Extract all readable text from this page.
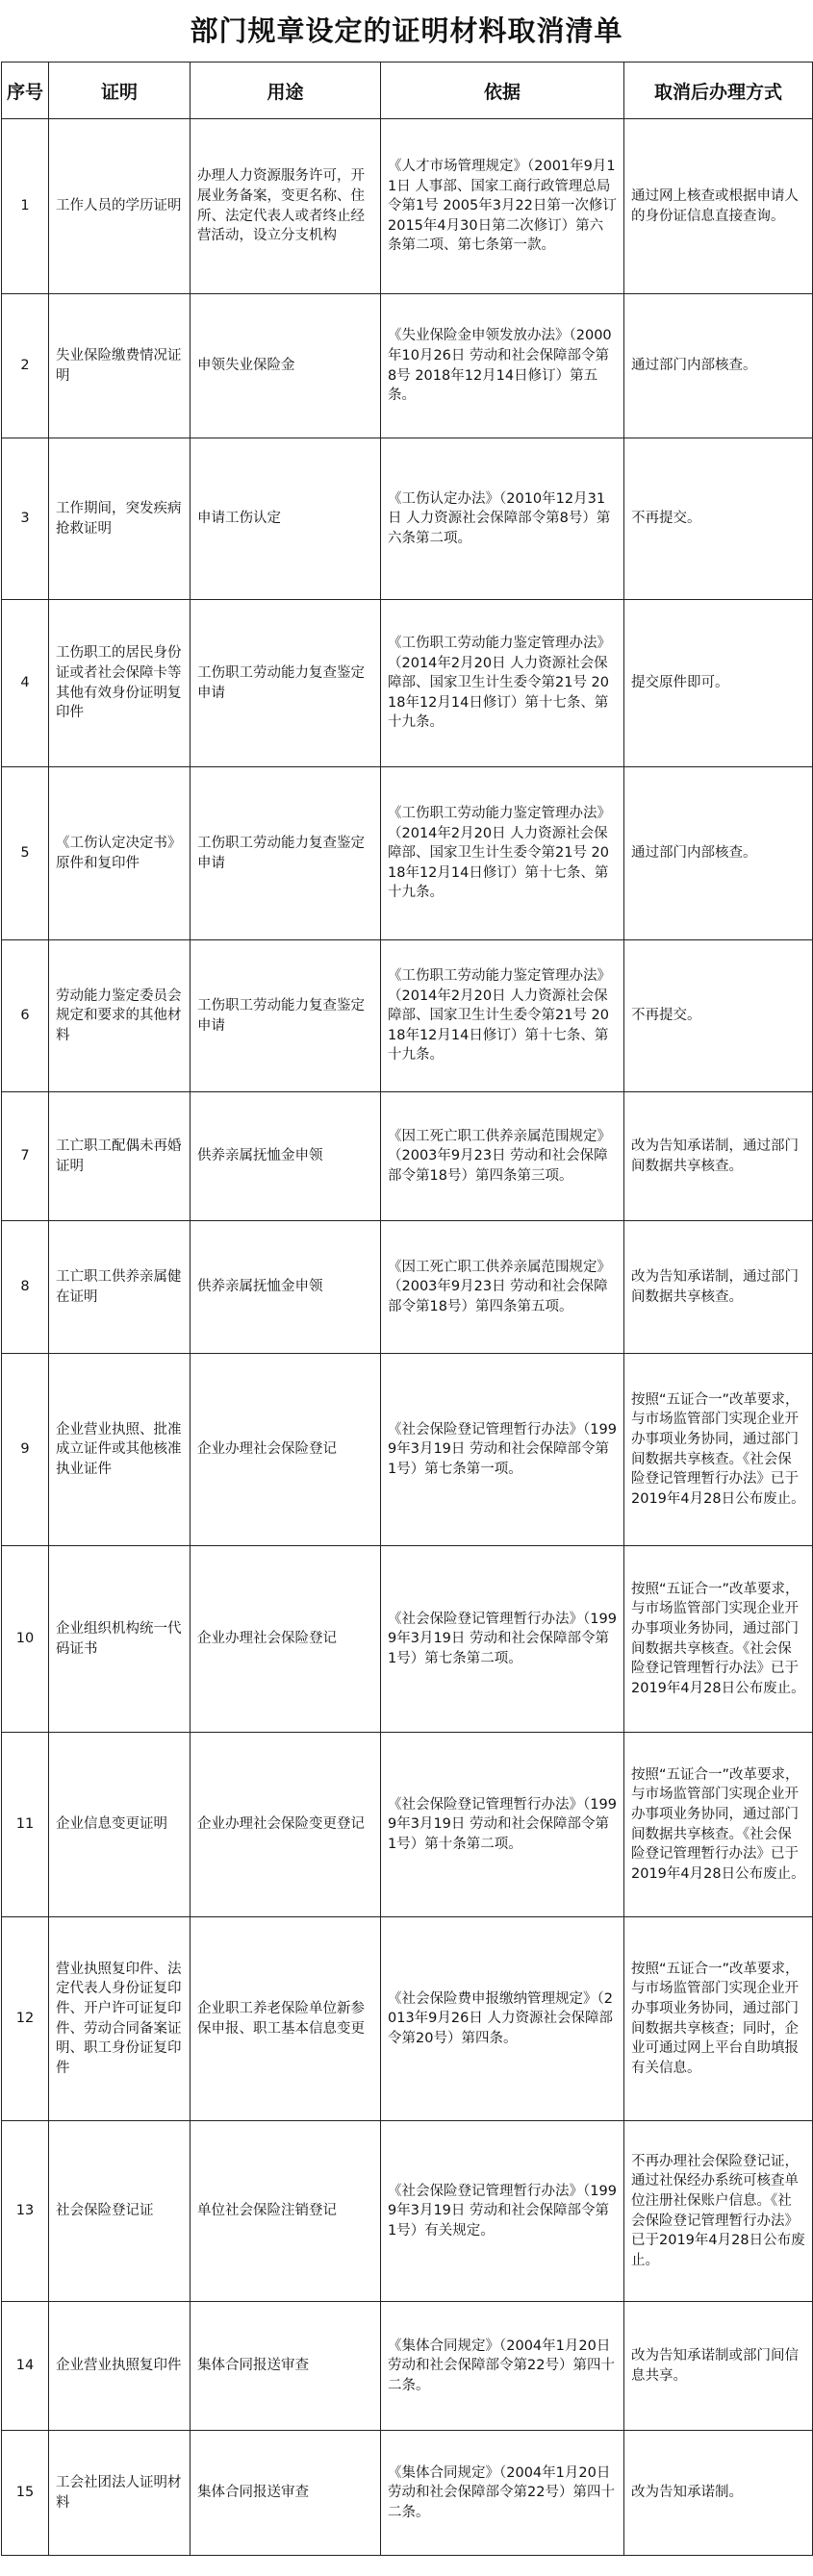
部门规章设定的证明材料取消清单
序号	证明	用途	依据	取消后办理方式
1	工作人员的学历证明	办理人力资源服务许可，开展业务备案，变更名称、住所、法定代表人或者终止经营活动，设立分支机构	《人才市场管理规定》（2001年9月11日 人事部、国家工商行政管理总局令第1号 2005年3月22日第一次修订 2015年4月30日第二次修订）第六条第二项、第七条第一款。	通过网上核查或根据申请人的身份证信息直接查询。
2	失业保险缴费情况证明	申领失业保险金	《失业保险金申领发放办法》（2000年10月26日 劳动和社会保障部令第8号 2018年12月14日修订）第五条。	通过部门内部核查。
3	工作期间，突发疾病抢救证明	申请工伤认定	《工伤认定办法》（2010年12月31日 人力资源社会保障部令第8号）第六条第二项。	不再提交。
4	工伤职工的居民身份证或者社会保障卡等其他有效身份证明复印件	工伤职工劳动能力复查鉴定申请	《工伤职工劳动能力鉴定管理办法》（2014年2月20日 人力资源社会保障部、国家卫生计生委令第21号 2018年12月14日修订）第十七条、第十九条。	提交原件即可。
5	《工伤认定决定书》原件和复印件	工伤职工劳动能力复查鉴定申请	《工伤职工劳动能力鉴定管理办法》（2014年2月20日 人力资源社会保障部、国家卫生计生委令第21号 2018年12月14日修订）第十七条、第十九条。	通过部门内部核查。
6	劳动能力鉴定委员会规定和要求的其他材料	工伤职工劳动能力复查鉴定申请	《工伤职工劳动能力鉴定管理办法》（2014年2月20日 人力资源社会保障部、国家卫生计生委令第21号 2018年12月14日修订）第十七条、第十九条。	不再提交。
7	工亡职工配偶未再婚证明	供养亲属抚恤金申领	《因工死亡职工供养亲属范围规定》（2003年9月23日 劳动和社会保障部令第18号）第四条第三项。	改为告知承诺制，通过部门间数据共享核查。
8	工亡职工供养亲属健在证明	供养亲属抚恤金申领	《因工死亡职工供养亲属范围规定》（2003年9月23日 劳动和社会保障部令第18号）第四条第五项。	改为告知承诺制，通过部门间数据共享核查。
9	企业营业执照、批准成立证件或其他核准执业证件	企业办理社会保险登记	《社会保险登记管理暂行办法》（1999年3月19日 劳动和社会保障部令第1号）第七条第一项。	按照“五证合一”改革要求，与市场监管部门实现企业开办事项业务协同，通过部门间数据共享核查。《社会保险登记管理暂行办法》已于2019年4月28日公布废止。
10	企业组织机构统一代码证书	企业办理社会保险登记	《社会保险登记管理暂行办法》（1999年3月19日 劳动和社会保障部令第1号）第七条第二项。	按照“五证合一”改革要求，与市场监管部门实现企业开办事项业务协同，通过部门间数据共享核查。《社会保险登记管理暂行办法》已于2019年4月28日公布废止。
11	企业信息变更证明	企业办理社会保险变更登记	《社会保险登记管理暂行办法》（1999年3月19日 劳动和社会保障部令第1号）第十条第二项。	按照“五证合一”改革要求，与市场监管部门实现企业开办事项业务协同，通过部门间数据共享核查。《社会保险登记管理暂行办法》已于2019年4月28日公布废止。
12	营业执照复印件、法定代表人身份证复印件、开户许可证复印件、劳动合同备案证明、职工身份证复印件	企业职工养老保险单位新参保申报、职工基本信息变更	《社会保险费申报缴纳管理规定》（2013年9月26日 人力资源社会保障部令第20号）第四条。	按照“五证合一”改革要求，与市场监管部门实现企业开办事项业务协同，通过部门间数据共享核查；同时，企业可通过网上平台自助填报有关信息。
13	社会保险登记证	单位社会保险注销登记	《社会保险登记管理暂行办法》（1999年3月19日 劳动和社会保障部令第1号）有关规定。	不再办理社会保险登记证，通过社保经办系统可核查单位注册社保账户信息。《社会保险登记管理暂行办法》已于2019年4月28日公布废止。
14	企业营业执照复印件	集体合同报送审查	《集体合同规定》（2004年1月20日 劳动和社会保障部令第22号）第四十二条。	改为告知承诺制或部门间信息共享。
15	工会社团法人证明材料	集体合同报送审查	《集体合同规定》（2004年1月20日 劳动和社会保障部令第22号）第四十二条。	改为告知承诺制。
